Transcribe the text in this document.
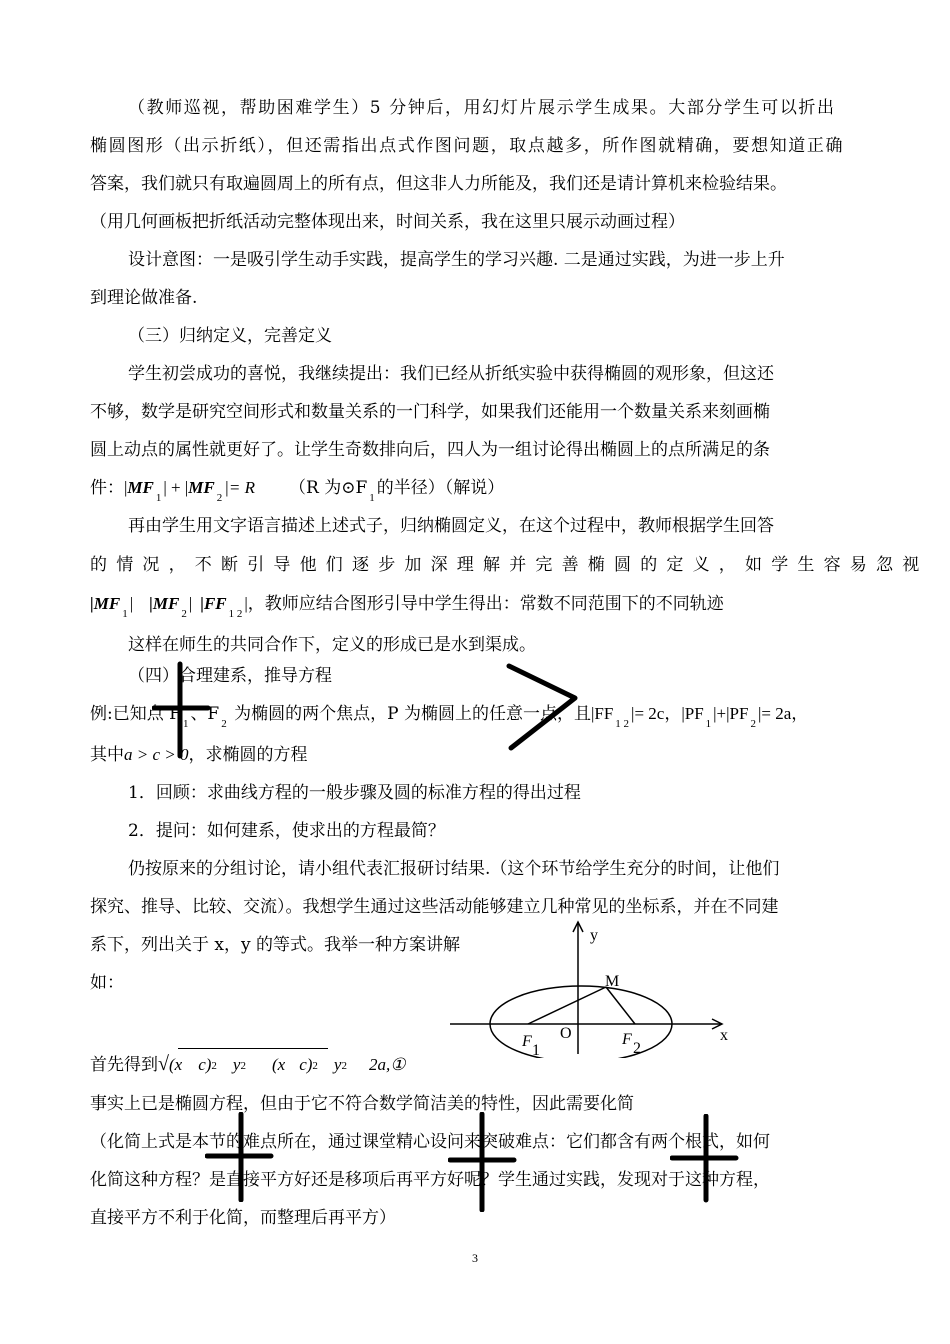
（教师巡视，帮助困难学生）5 分钟后，用幻灯片展示学生成果。大部分学生可以折出
椭圆图形（出示折纸），但还需指出点式作图问题，取点越多，所作图就精确，要想知道正确
答案，我们就只有取遍圆周上的所有点，但这非人力所能及，我们还是请计算机来检验结果。
（用几何画板把折纸活动完整体现出来，时间关系，我在这里只展示动画过程）
设计意图：一是吸引学生动手实践，提高学生的学习兴趣. 二是通过实践，为进一步上升
到理论做准备.
（三）归纳定义，完善定义
学生初尝成功的喜悦，我继续提出：我们已经从折纸实验中获得椭圆的观形象，但这还
不够，数学是研究空间形式和数量关系的一门科学，如果我们还能用一个数量关系来刻画椭
圆上动点的属性就更好了。让学生奇数排向后，四人为一组讨论得出椭圆上的点所满足的条
件：$|MF_1| + |MF_2|= R$ （R 为⊙F $_1$ 的半径）（解说）
再由学生用文字语言描述上述式子，归纳椭圆定义，在这个过程中，教师根据学生回答
的情况，不断引导他们逐步加深理解并完善椭圆的定义，如学生容易忽视
$|MF_1|$ $|MF_2|$ $|FF_{1 2}|$，教师应结合图形引导中学生得出：常数不同范围下的不同轨迹
这样在师生的共同合作下，定义的形成已是水到渠成。
（四）合理建系，推导方程
例:已知点 F $_1$ 、F $_2$ 为椭圆的两个焦点，P 为椭圆上的任意一点，且$|FF_{1 2}|= 2c$，$|PF_1|+|PF_2|= 2a$，
其中a > c > 0，求椭圆的方程
1．回顾：求曲线方程的一般步骤及圆的标准方程的得出过程
2．提问：如何建系，使求出的方程最简？
仍按原来的分组讨论，请小组代表汇报研讨结果.（这个环节给学生充分的时间，让他们
探究、推导、比较、交流）。我想学生通过这些活动能够建立几种常见的坐标系，并在不同建
系下，列出关于 x，y 的等式。我举一种方案讲解
如：
首先得到√(x c)2 y2 (x c)2 y2 2a,①
事实上已是椭圆方程，但由于它不符合数学简洁美的特性，因此需要化简
（化简上式是本节的难点所在，通过课堂精心设问来突破难点：它们都含有两个根式，如何
化简这种方程？是直接平方好还是移项后再平方好呢？学生通过实践，发现对于这种方程，
直接平方不利于化简，而整理后再平方）
y
x
M
O
F
1
F
2
3
